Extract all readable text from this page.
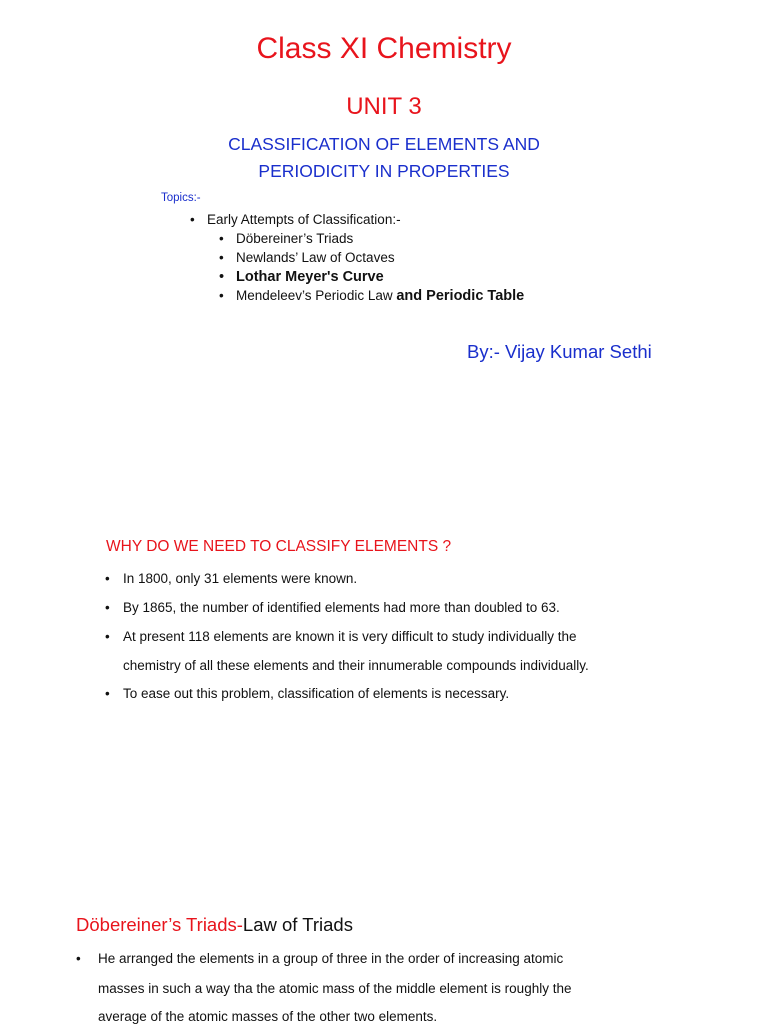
Class XI Chemistry
UNIT 3
CLASSIFICATION OF ELEMENTS AND
PERIODICITY IN PROPERTIES
Topics:-
• Early Attempts of Classification:-
• Döbereiner’s Triads
• Newlands’ Law of Octaves
• Lothar Meyer's Curve
• Mendeleev’s Periodic Law and Periodic Table
By:- Vijay Kumar Sethi
WHY DO WE NEED TO CLASSIFY ELEMENTS ?
• In 1800, only 31 elements were known.
• By 1865, the number of identified elements had more than doubled to 63.
• At present 118 elements are known it is very difficult to study individually the
chemistry of all these elements and their innumerable compounds individually.
• To ease out this problem, classification of elements is necessary.
Döbereiner’s Triads-Law of Triads
• He arranged the elements in a group of three in the order of increasing atomic
masses in such a way tha the atomic mass of the middle element is roughly the
average of the atomic masses of the other two elements.
